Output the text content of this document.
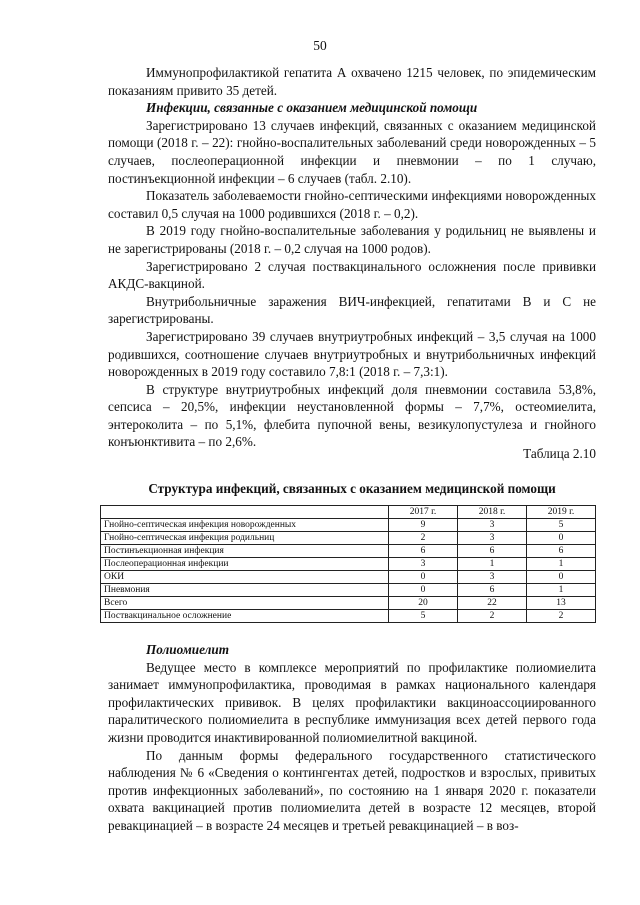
50

Иммунопрофилактикой гепатита А охвачено 1215 человек, по эпидемическим показаниям привито 35 детей.

Инфекции, связанные с оказанием медицинской помощи

Зарегистрировано 13 случаев инфекций, связанных с оказанием медицинской помощи (2018 г. – 22): гнойно-воспалительных заболеваний среди новорожденных – 5 случаев, послеоперационной инфекции и пневмонии – по 1 случаю, постинъекционной инфекции – 6 случаев (табл. 2.10).

Показатель заболеваемости гнойно-септическими инфекциями новорожденных составил 0,5 случая на 1000 родившихся (2018 г. – 0,2).

В 2019 году гнойно-воспалительные заболевания у родильниц не выявлены и не зарегистрированы (2018 г. – 0,2 случая на 1000 родов).

Зарегистрировано 2 случая поствакцинального осложнения после прививки АКДС-вакциной.

Внутрибольничные заражения ВИЧ-инфекцией, гепатитами В и С не зарегистрированы.

Зарегистрировано 39 случаев внутриутробных инфекций – 3,5 случая на 1000 родившихся, соотношение случаев внутриутробных и внутрибольничных инфекций новорожденных в 2019 году составило 7,8:1 (2018 г. – 7,3:1).

В структуре внутриутробных инфекций доля пневмонии составила 53,8%, сепсиса – 20,5%, инфекции неустановленной формы – 7,7%, остеомиелита, энтероколита – по 5,1%, флебита пупочной вены, везикулопустулеза и гнойного конъюнктивита – по 2,6%.

Таблица 2.10
Структура инфекций, связанных с оказанием медицинской помощи
	2017 г.	2018 г.	2019 г.
Гнойно-септическая инфекция новорожденных	9	3	5
Гнойно-септическая инфекция родильниц	2	3	0
Постинъекционная инфекция	6	6	6
Послеоперационная инфекции	3	1	1
ОКИ	0	3	0
Пневмония	0	6	1
Всего	20	22	13
Поствакцинальное осложнение	5	2	2

Полиомиелит

Ведущее место в комплексе мероприятий по профилактике полиомиелита занимает иммунопрофилактика, проводимая в рамках национального календаря профилактических прививок. В целях профилактики вакциноассоциированного паралитического полиомиелита в республике иммунизация всех детей первого года жизни проводится инактивированной полиомиелитной вакциной.

По данным формы федерального государственного статистического наблюдения № 6 «Сведения о контингентах детей, подростков и взрослых, привитых против инфекционных заболеваний», по состоянию на 1 января 2020 г. показатели охвата вакцинацией против полиомиелита детей в возрасте 12 месяцев, второй ревакцинацией – в возрасте 24 месяцев и третьей ревакцинацией – в воз-
